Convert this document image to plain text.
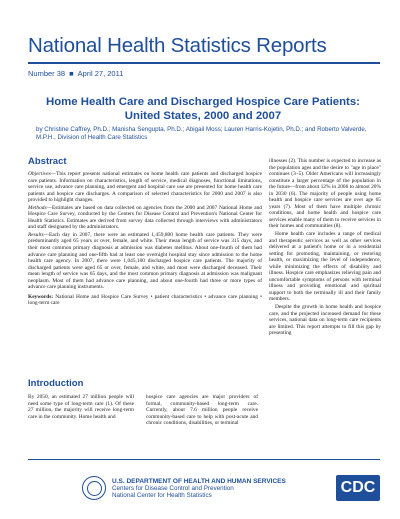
National Health Statistics Reports
Number 38 ■ April 27, 2011
Home Health Care and Discharged Hospice Care Patients: United States, 2000 and 2007
by Christine Caffrey, Ph.D.; Manisha Sengupta, Ph.D.; Abigail Moss; Lauren Harris-Kojetin, Ph.D.; and Roberto Valverde, M.P.H., Division of Health Care Statistics
Abstract

Objectives—This report presents national estimates on home health care patients and discharged hospice care patients. Information on characteristics, length of service, medical diagnoses, functional limitations, service use, advance care planning, and emergent and hospital care use are presented for home health care patients and hospice care discharges. A comparison of selected characteristics for 2000 and 2007 is also provided to highlight changes.

Methods—Estimates are based on data collected on agencies from the 2000 and 2007 National Home and Hospice Care Survey, conducted by the Centers for Disease Control and Prevention's National Center for Health Statistics. Estimates are derived from survey data collected through interviews with administrators and staff designated by the administrators.

Results—Each day in 2007, there were an estimated 1,459,800 home health care patients. They were predominantly aged 65 years or over, female, and white. Their mean length of service was 315 days, and their most common primary diagnosis at admission was diabetes mellitus. About one-fourth of them had advance care planning and one-fifth had at least one overnight hospital stay since admission to the home health care agency. In 2007, there were 1,045,100 discharged hospice care patients. The majority of discharged patients were aged 65 or over, female, and white, and most were discharged deceased. Their mean length of service was 65 days, and the most common primary diagnosis at admission was malignant neoplasm. Most of them had advance care planning, and about one-fourth had three or more types of advance care planning instruments.

Keywords: National Home and Hospice Care Survey • patient characteristics • advance care planning • long-term care

illnesses (2). This number is expected to increase as the population ages and the desire to "age in place" continues (3–5). Older Americans will increasingly constitute a larger percentage of the population in the future—from about 12% in 2006 to almost 20% in 2030 (6). The majority of people using home health and hospice care services are over age 65 years (7). Most of them have multiple chronic conditions, and home health and hospice care services enable many of them to receive services in their homes and communities (8).

Home health care includes a range of medical and therapeutic services as well as other services delivered at a patient's home or in a residential setting for promoting, maintaining, or restoring health, or maximizing the level of independence, while minimizing the effects of disability and illness. Hospice care emphasizes relieving pain and uncomfortable symptoms of persons with terminal illness and providing emotional and spiritual support to both the terminally ill and their family members.

Despite the growth in home health and hospice care, and the projected increased demand for these services, national data on long-term care recipients are limited. This report attempts to fill this gap by presenting

Introduction
By 2050, an estimated 27 million people will need some type of long-term care (1). Of these 27 million, the majority will receive long-term care in the community. Home health and
hospice care agencies are major providers of formal, community-based long-term care. Currently, about 7.6 million people receive community-based care to help with post-acute and chronic conditions, disabilities, or terminal
U.S. DEPARTMENT OF HEALTH AND HUMAN SERVICES
Centers for Disease Control and Prevention
National Center for Health Statistics	CDC
